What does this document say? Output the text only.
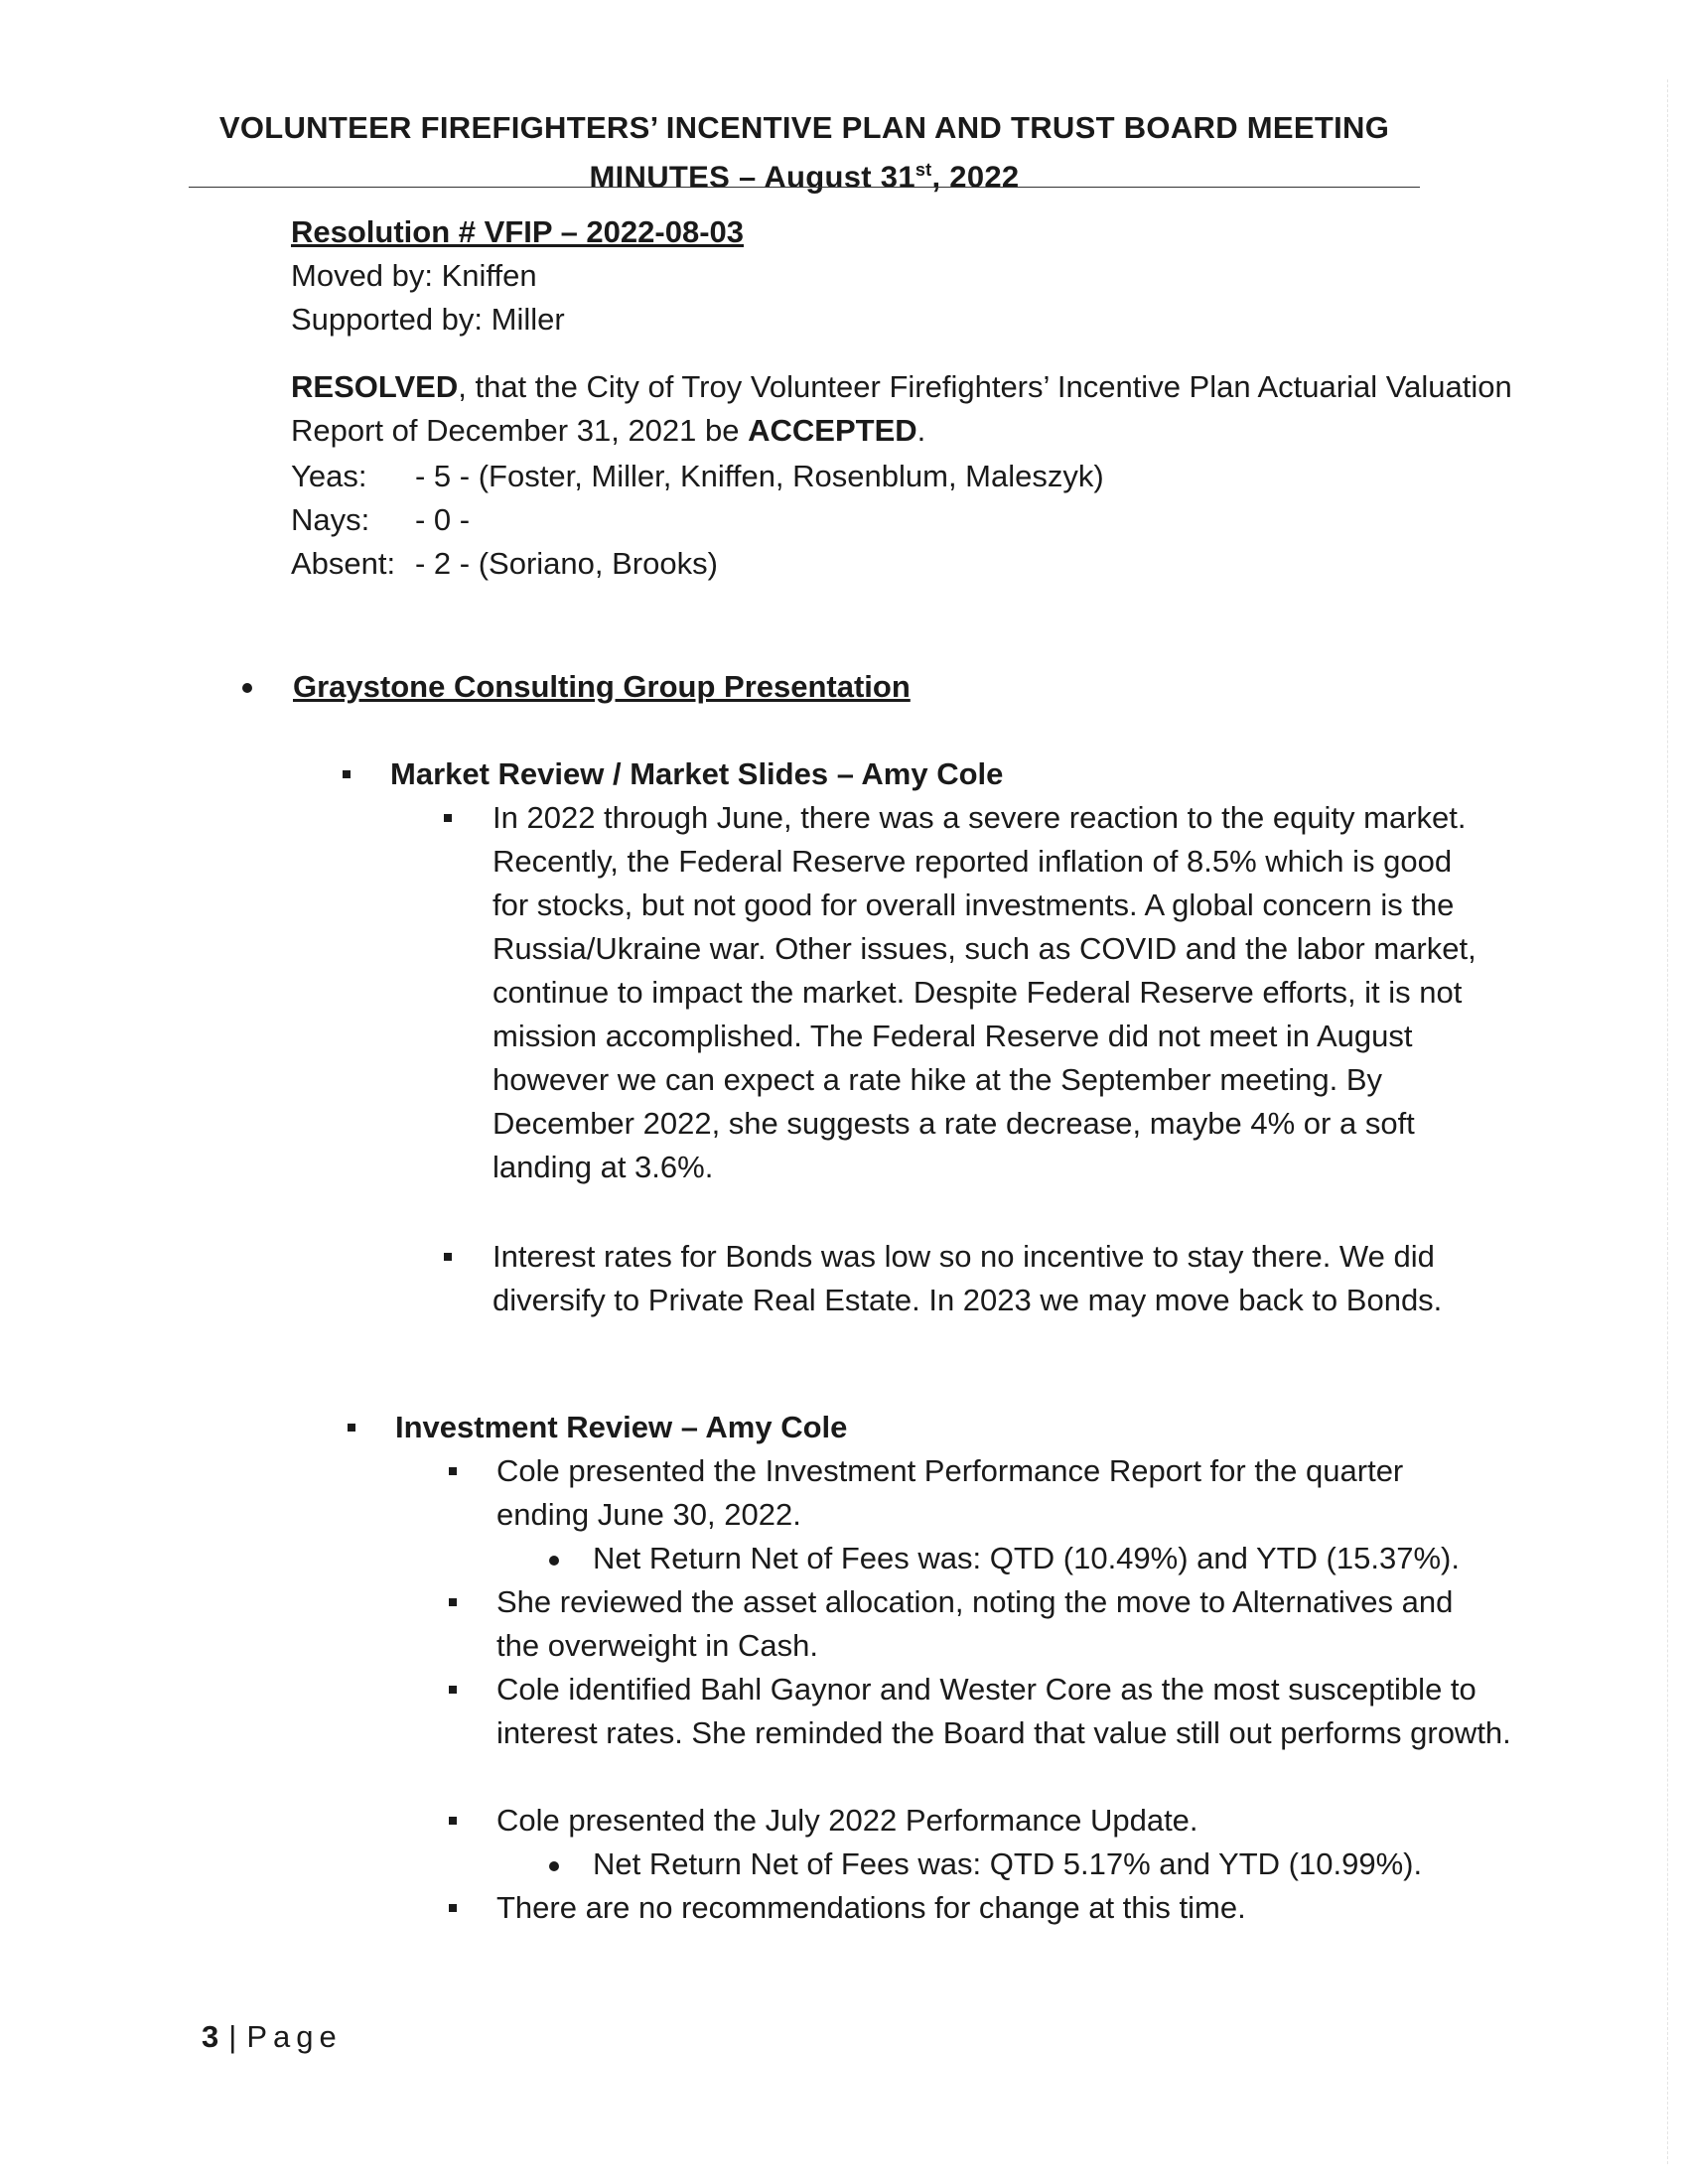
VOLUNTEER FIREFIGHTERS’ INCENTIVE PLAN AND TRUST BOARD MEETING
MINUTES – August 31st, 2022
Resolution # VFIP – 2022-08-03
Moved by: Kniffen
Supported by: Miller
RESOLVED, that the City of Troy Volunteer Firefighters’ Incentive Plan Actuarial Valuation Report of December 31, 2021 be ACCEPTED.
Yeas: - 5 - (Foster, Miller, Kniffen, Rosenblum, Maleszyk)
Nays: - 0 -
Absent: - 2 - (Soriano, Brooks)
Graystone Consulting Group Presentation
Market Review / Market Slides – Amy Cole
In 2022 through June, there was a severe reaction to the equity market. Recently, the Federal Reserve reported inflation of 8.5% which is good for stocks, but not good for overall investments. A global concern is the Russia/Ukraine war. Other issues, such as COVID and the labor market, continue to impact the market. Despite Federal Reserve efforts, it is not mission accomplished. The Federal Reserve did not meet in August however we can expect a rate hike at the September meeting. By December 2022, she suggests a rate decrease, maybe 4% or a soft landing at 3.6%.
Interest rates for Bonds was low so no incentive to stay there. We did diversify to Private Real Estate. In 2023 we may move back to Bonds.
Investment Review – Amy Cole
Cole presented the Investment Performance Report for the quarter ending June 30, 2022.
Net Return Net of Fees was: QTD (10.49%) and YTD (15.37%).
She reviewed the asset allocation, noting the move to Alternatives and the overweight in Cash.
Cole identified Bahl Gaynor and Wester Core as the most susceptible to interest rates. She reminded the Board that value still out performs growth.
Cole presented the July 2022 Performance Update.
Net Return Net of Fees was: QTD 5.17% and YTD (10.99%).
There are no recommendations for change at this time.
3 | Page
